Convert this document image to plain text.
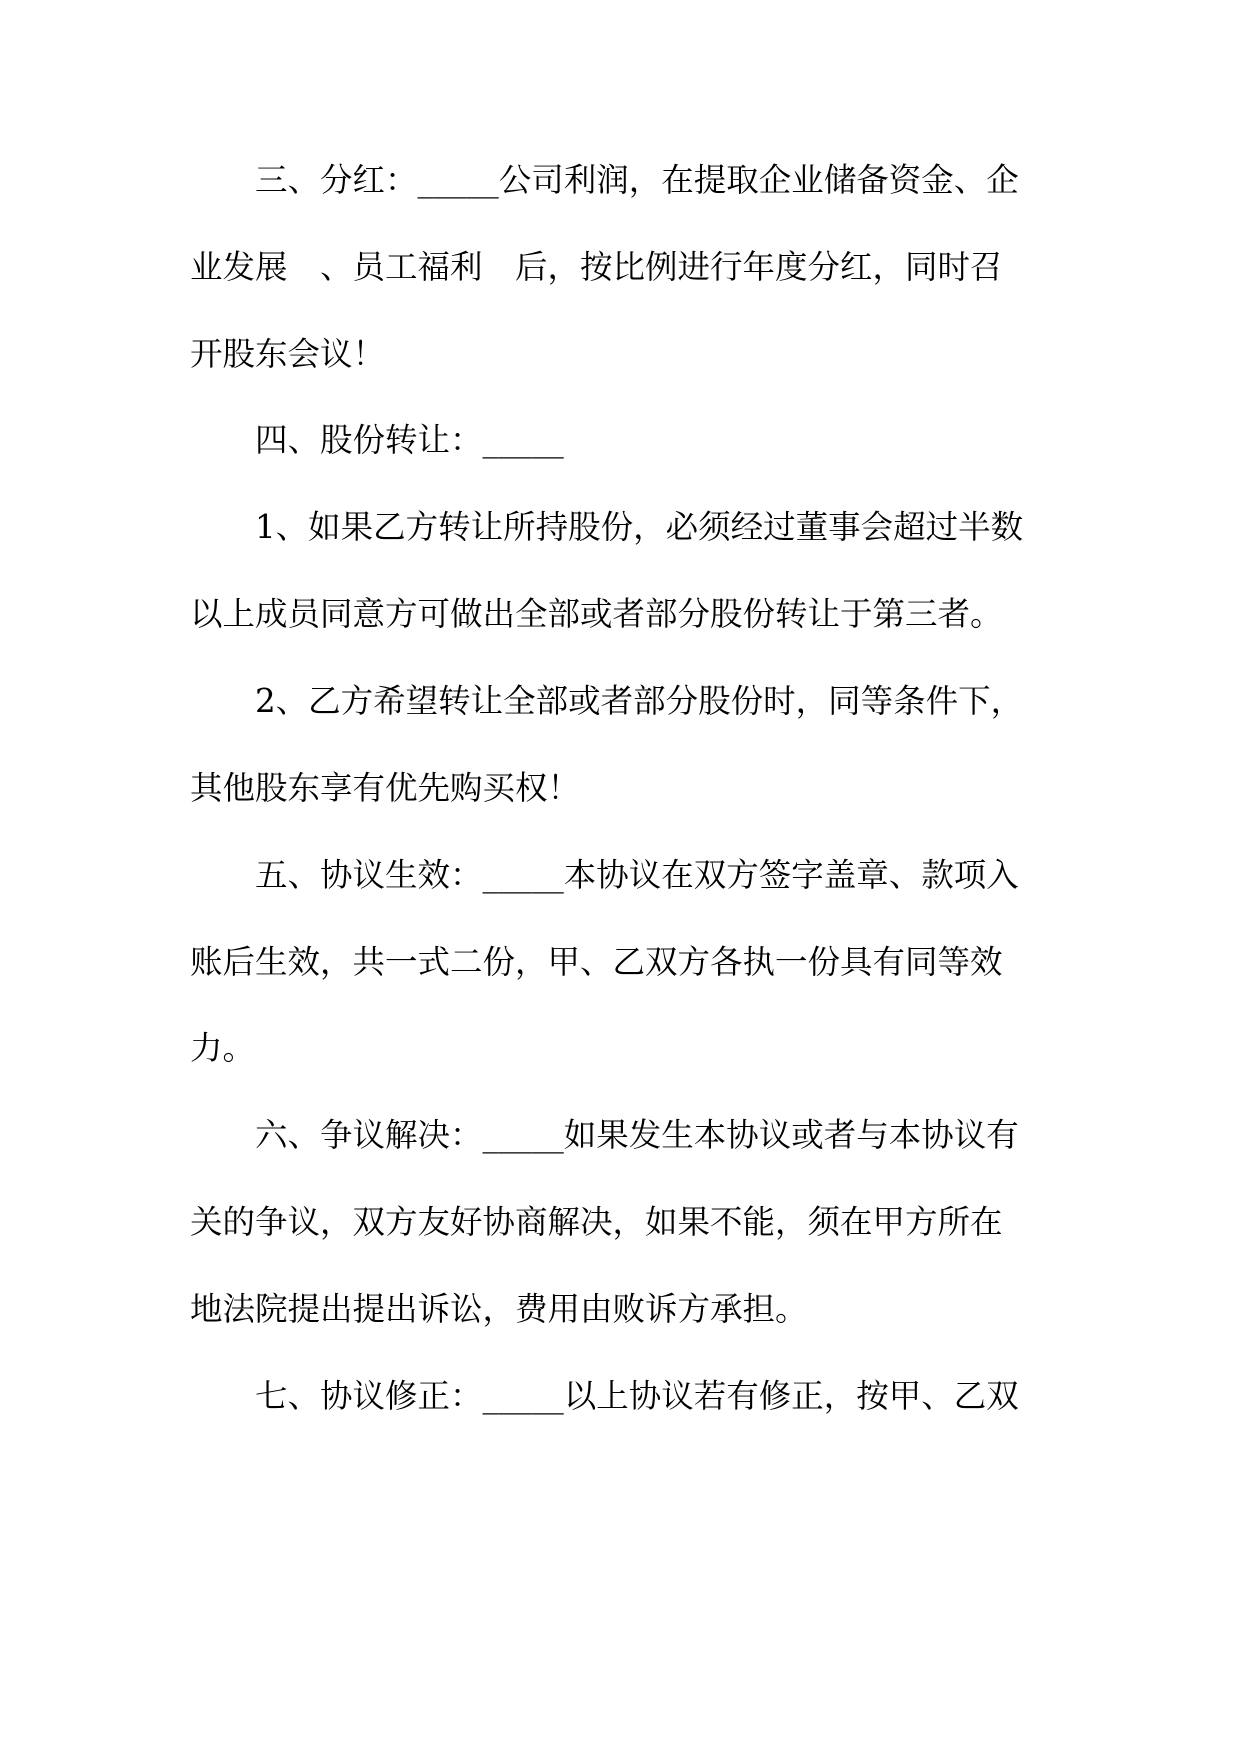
三、分红：_____公司利润，在提取企业储备资金、企

业发展　、员工福利　后，按比例进行年度分红，同时召

开股东会议！

四、股份转让：_____

1、如果乙方转让所持股份，必须经过董事会超过半数

以上成员同意方可做出全部或者部分股份转让于第三者。

2、乙方希望转让全部或者部分股份时，同等条件下，

其他股东享有优先购买权！

五、协议生效：_____本协议在双方签字盖章、款项入

账后生效，共一式二份，甲、乙双方各执一份具有同等效

力。

六、争议解决：_____如果发生本协议或者与本协议有

关的争议，双方友好协商解决，如果不能，须在甲方所在

地法院提出提出诉讼，费用由败诉方承担。

七、协议修正：_____以上协议若有修正，按甲、乙双
